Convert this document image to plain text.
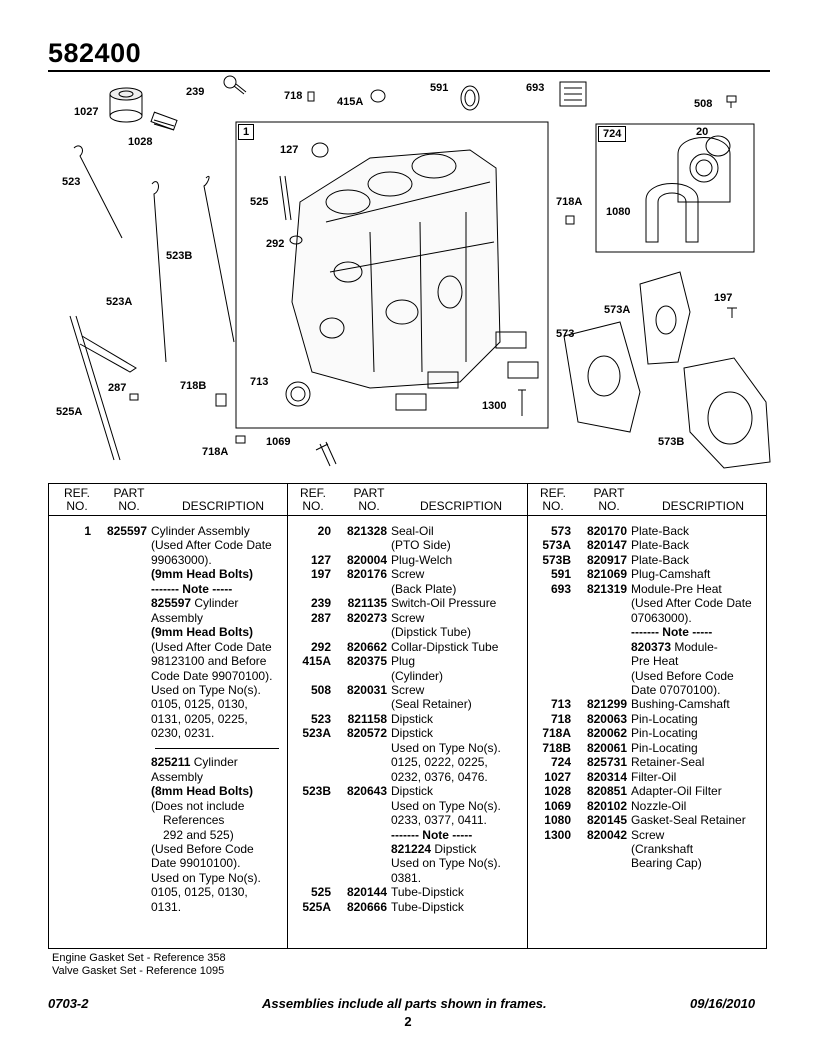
582400
1027
239	718	415A
591	693
508
1028
1
127
724	20
523
525	718A
1080
292
523B
197
523A
573A
573
287	718B	713
1300
525A
573B
1069
718A
REF.
NO.
PART
NO.	DESCRIPTION
REF.
NO.
PART
NO.	DESCRIPTION
REF.
NO.
PART
NO.	DESCRIPTION
1	825597 Cylinder Assembly
(Used After Code Date
99063000).
(9mm Head Bolts)
------- Note -----
825597 Cylinder
Assembly
(9mm Head Bolts)
(Used After Code Date
98123100 and Before
Code Date 99070100).
Used on Type No(s).
0105, 0125, 0130,
0131, 0205, 0225,
0230, 0231.
825211 Cylinder
Assembly
(8mm Head Bolts)
(Does not include
References
292 and 525)
(Used Before Code
Date 99010100).
Used on Type No(s).
0105, 0125, 0130,
0131.
20	821328 Seal-Oil
(PTO Side)
127	820004 Plug-Welch
197	820176 Screw
(Back Plate)
239	821135 Switch-Oil Pressure
287	820273 Screw
(Dipstick Tube)
292	820662 Collar-Dipstick Tube
415A	820375 Plug
(Cylinder)
508	820031 Screw
(Seal Retainer)
523	821158 Dipstick
523A	820572 Dipstick
Used on Type No(s).
0125, 0222, 0225,
0232, 0376, 0476.
523B	820643 Dipstick
Used on Type No(s).
0233, 0377, 0411.
------- Note -----
821224 Dipstick
Used on Type No(s).
0381.
525	820144 Tube-Dipstick
525A	820666 Tube-Dipstick
573	820170 Plate-Back
573A	820147 Plate-Back
573B	820917 Plate-Back
591	821069 Plug-Camshaft
693	821319 Module-Pre Heat
(Used After Code Date
07063000).
------- Note -----
820373 Module-
Pre Heat
(Used Before Code
Date 07070100).
713	821299 Bushing-Camshaft
718	820063 Pin-Locating
718A	820062 Pin-Locating
718B	820061 Pin-Locating
724	825731 Retainer-Seal
1027	820314 Filter-Oil
1028	820851 Adapter-Oil Filter
1069	820102 Nozzle-Oil
1080	820145 Gasket-Seal Retainer
1300	820042 Screw
(Crankshaft
Bearing Cap)
Engine Gasket Set - Reference 358
Valve Gasket Set - Reference 1095
0703-2	Assemblies include all parts shown in frames.	09/16/2010
2
